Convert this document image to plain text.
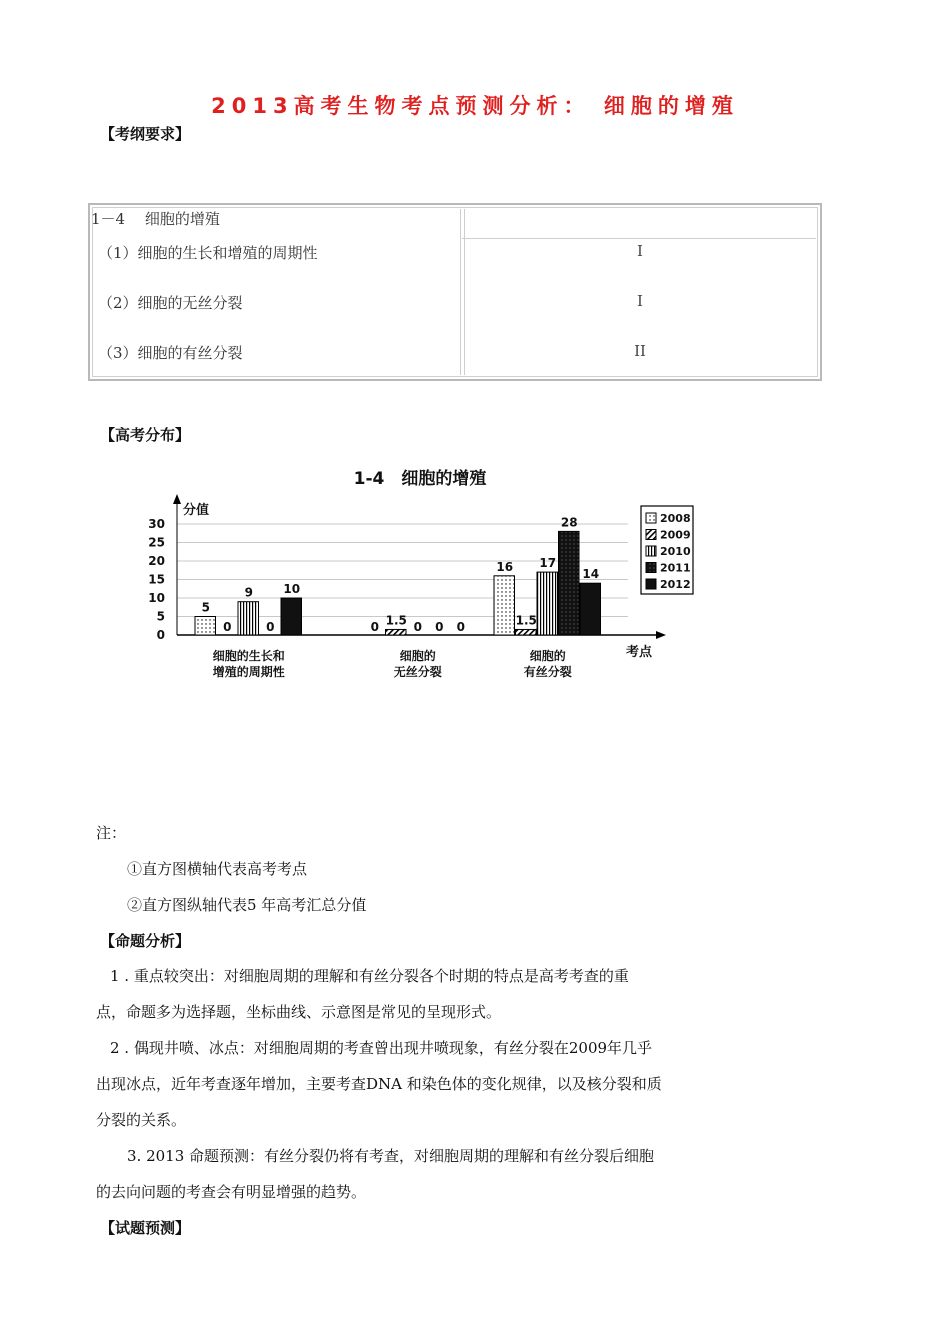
2013高考生物考点预测分析： 细胞的增殖
【考纲要求】
1－4　 细胞的增殖
（1）细胞的生长和增殖的周期性	I
（2）细胞的无丝分裂	I
（3）细胞的有丝分裂	II
【高考分布】
1-4　细胞的增殖
0
5
10
15
20
25
30
分值
考点
5
0
9
0
10
细胞的生长和
增殖的周期性
0 1.5 0 0 0
细胞的
无丝分裂
16
1.5
17
28
14
细胞的
有丝分裂
2008
2009
2010
2011
2012
注：
①直方图横轴代表高考考点
②直方图纵轴代表5 年高考汇总分值
【命题分析】
1 . 重点较突出：对细胞周期的理解和有丝分裂各个时期的特点是高考考查的重
点，命题多为选择题，坐标曲线、示意图是常见的呈现形式。
2 . 偶现井喷、冰点：对细胞周期的考查曾出现井喷现象，有丝分裂在2009年几乎
出现冰点，近年考查逐年增加，主要考查DNA 和染色体的变化规律，以及核分裂和质
分裂的关系。
3. 2013 命题预测：有丝分裂仍将有考查，对细胞周期的理解和有丝分裂后细胞
的去向问题的考查会有明显增强的趋势。
【试题预测】
